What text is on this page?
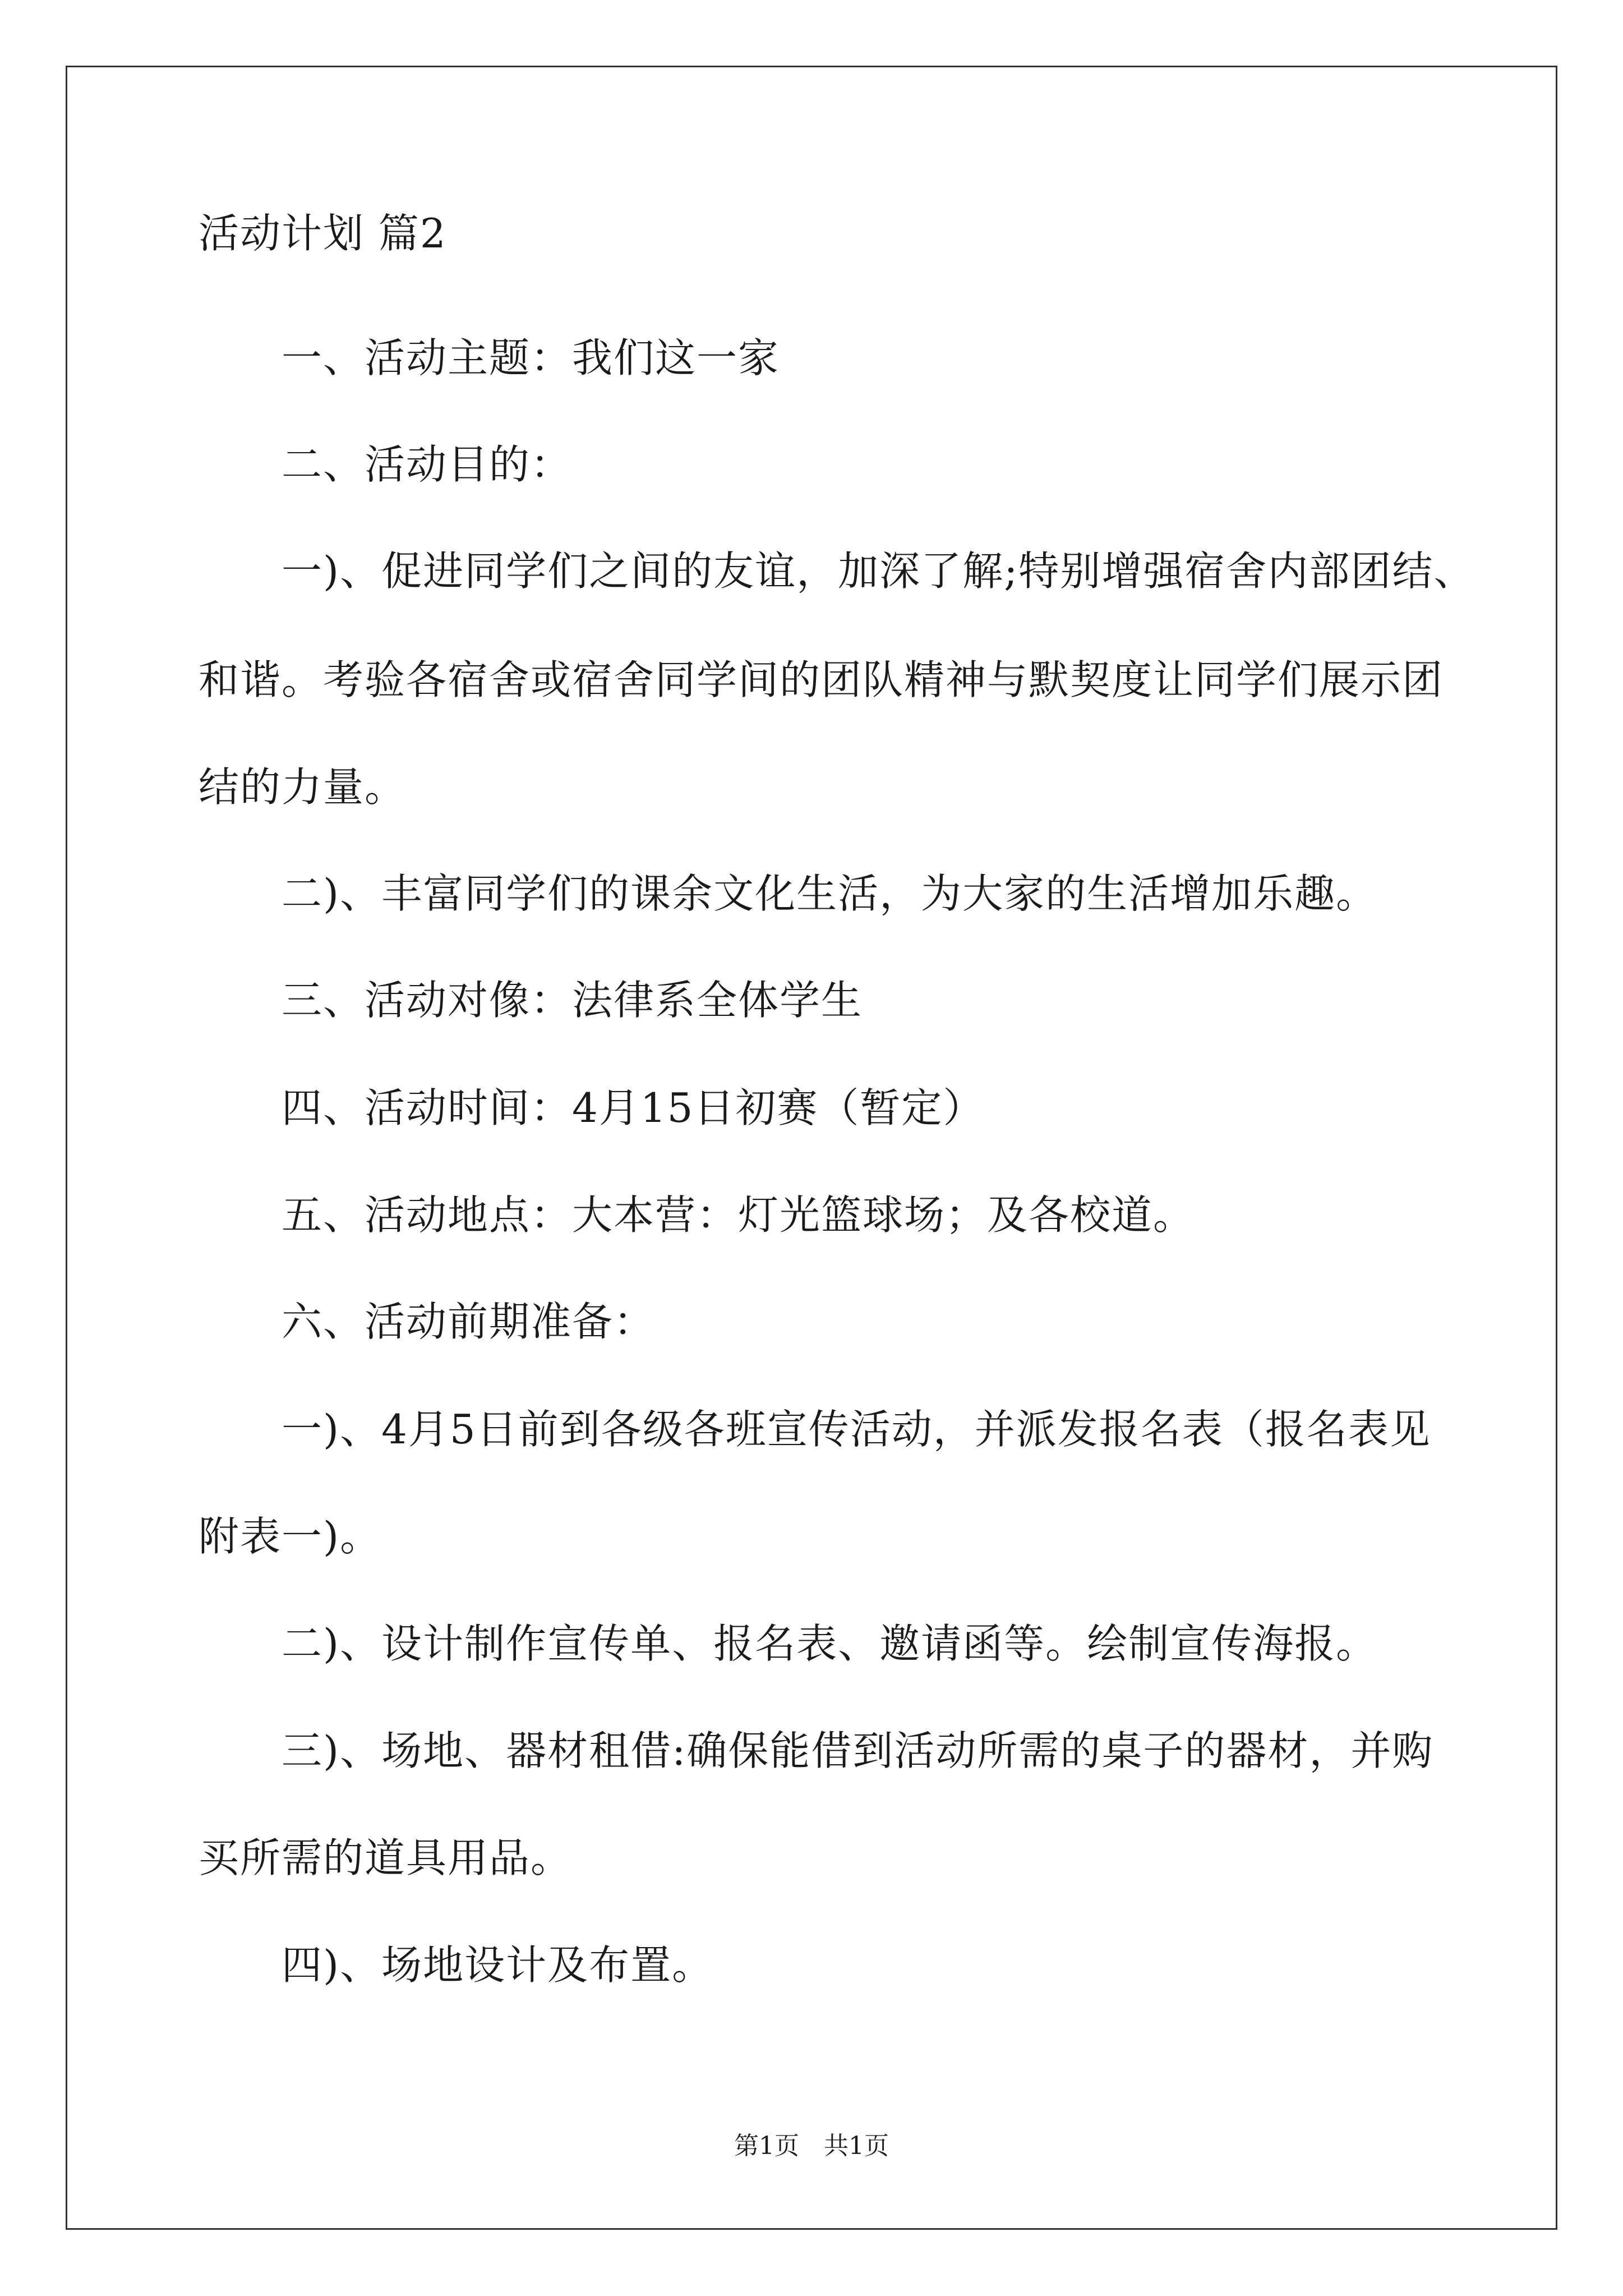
活动计划 篇2
一、活动主题：我们这一家
二、活动目的：
一)、促进同学们之间的友谊，加深了解;特别增强宿舍内部团结、
和谐。考验各宿舍或宿舍同学间的团队精神与默契度让同学们展示团
结的力量。
二)、丰富同学们的课余文化生活，为大家的生活增加乐趣。
三、活动对像：法律系全体学生
四、活动时间：4月15日初赛（暂定）
五、活动地点：大本营：灯光篮球场；及各校道。
六、活动前期准备：
一)、4月5日前到各级各班宣传活动，并派发报名表（报名表见
附表一)。
二)、设计制作宣传单、报名表、邀请函等。绘制宣传海报。
三)、场地、器材租借:确保能借到活动所需的桌子的器材，并购
买所需的道具用品。
四)、场地设计及布置。
第1页　共1页
